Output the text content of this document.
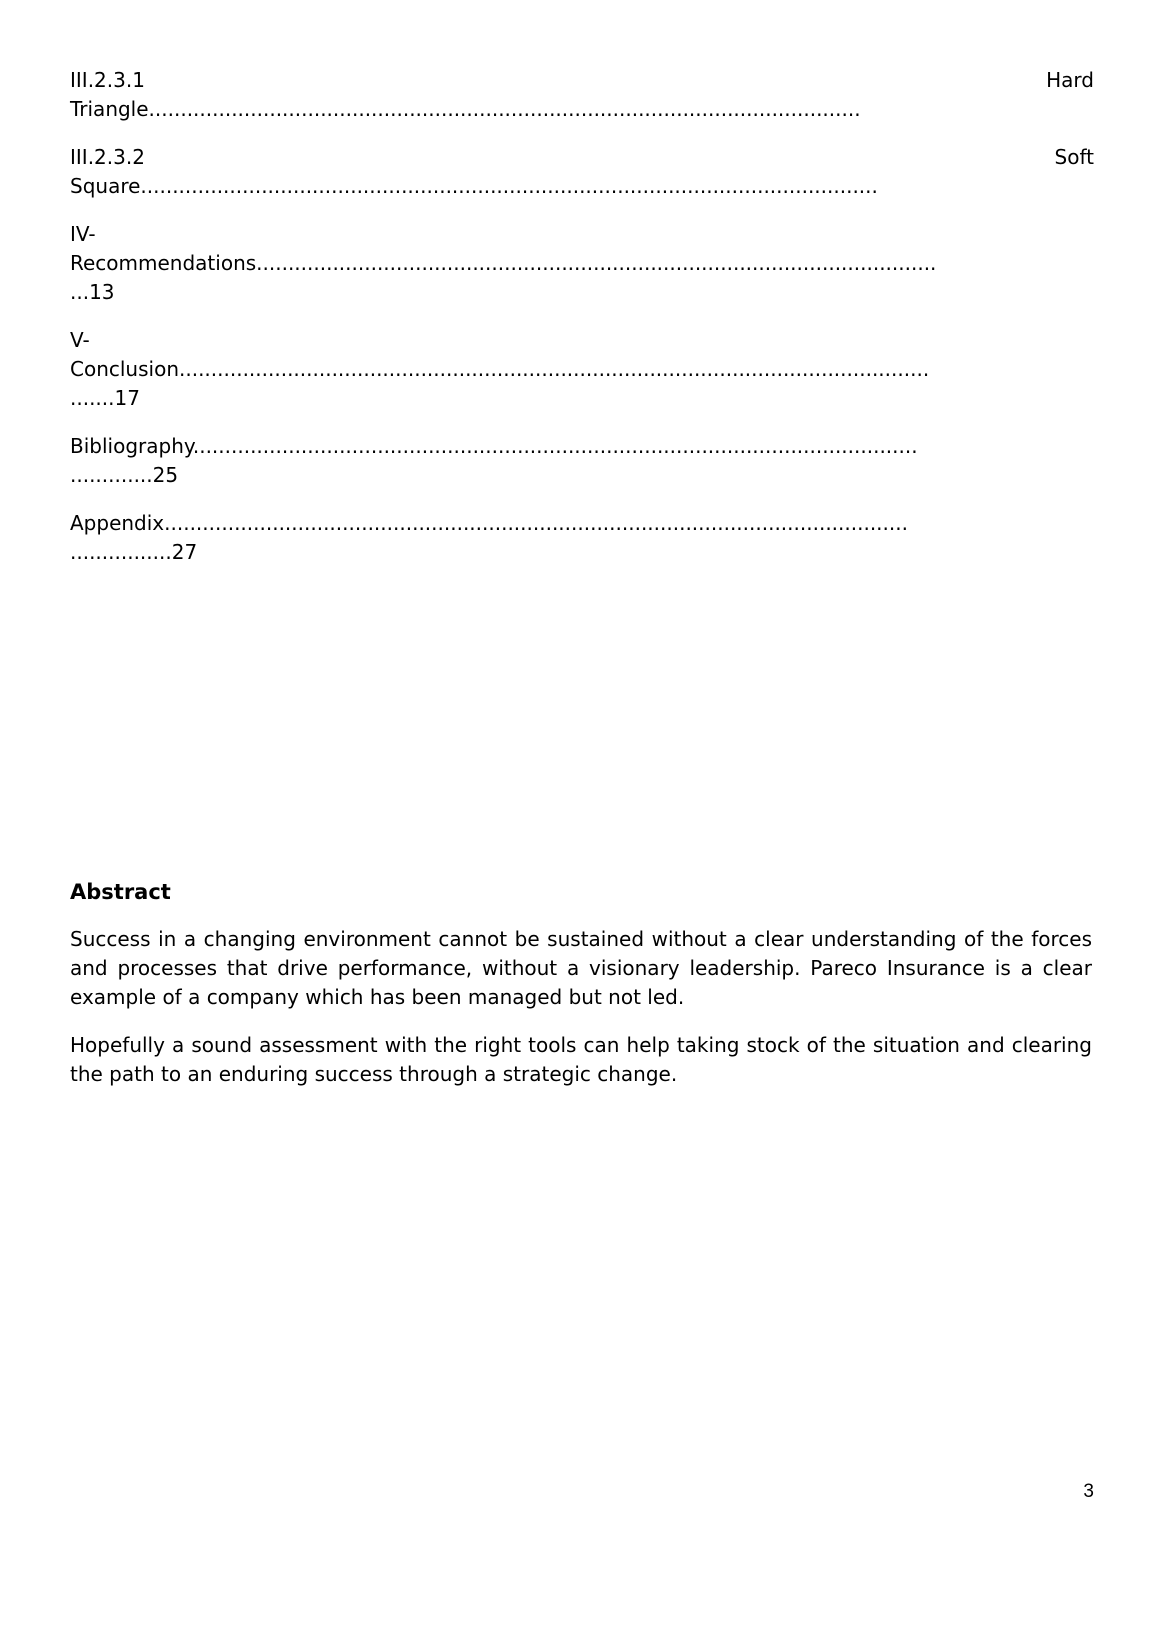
III.2.3.1	Hard
Triangle................................................................................................................
III.2.3.2	Soft
Square....................................................................................................................
IV-
Recommendations...........................................................................................................
...13
V-
Conclusion......................................................................................................................
.......17
Bibliography..................................................................................................................
.............25
Appendix.....................................................................................................................
................27
Abstract

Success in a changing environment cannot be sustained without a clear understanding of the forces and processes that drive performance, without a visionary leadership. Pareco Insurance is a clear example of a company which has been managed but not led.

Hopefully a sound assessment with the right tools can help taking stock of the situation and clearing the path to an enduring success through a strategic change.

3
